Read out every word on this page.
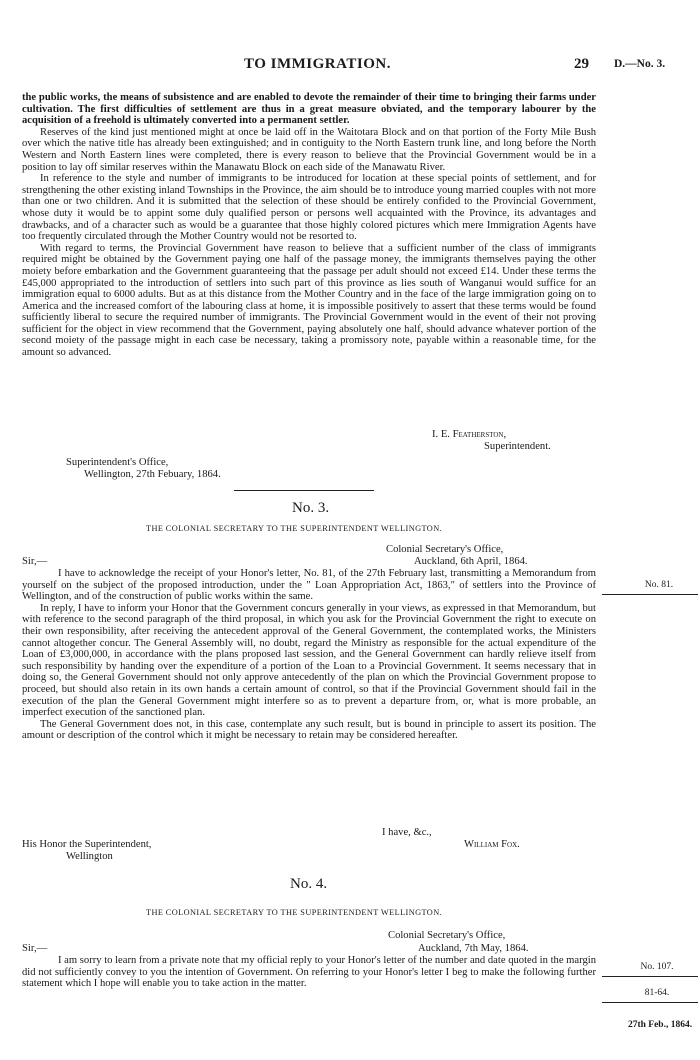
TO IMMIGRATION.	29 D.—No. 3.

the public works, the means of subsistence and are enabled to devote the remainder of their time to bringing their farms under cultivation. The first difficulties of settlement are thus in a great measure obviated, and the temporary labourer by the acquisition of a freehold is ultimately converted into a permanent settler.

Reserves of the kind just mentioned might at once be laid off in the Waitotara Block and on that portion of the Forty Mile Bush over which the native title has already been extinguished; and in contiguity to the North Eastern trunk line, and long before the North Western and North Eastern lines were completed, there is every reason to believe that the Provincial Government would be in a position to lay off similar reserves within the Manawatu Block on each side of the Manawatu River.

In reference to the style and number of immigrants to be introduced for location at these special points of settlement, and for strengthening the other existing inland Townships in the Province, the aim should be to introduce young married couples with not more than one or two children. And it is submitted that the selection of these should be entirely confided to the Provincial Government, whose duty it would be to appint some duly qualified person or persons well acquainted with the Province, its advantages and drawbacks, and of a character such as would be a guarantee that those highly colored pictures which mere Immigration Agents have too frequently circulated through the Mother Country would not be resorted to.

With regard to terms, the Provincial Government have reason to believe that a sufficient number of the class of immigrants required might be obtained by the Government paying one half of the passage money, the immigrants themselves paying the other moiety before embarkation and the Government guaranteeing that the passage per adult should not exceed £14. Under these terms the £45,000 appropriated to the introduction of settlers into such part of this province as lies south of Wanganui would suffice for an immigration equal to 6000 adults. But as at this distance from the Mother Country and in the face of the large immigration going on to America and the increased comfort of the labouring class at home, it is impossible positively to assert that these terms would be found sufficiently liberal to secure the required number of immigrants. The Provincial Government would in the event of their not proving sufficient for the object in view recommend that the Government, paying absolutely one half, should advance whatever portion of the second moiety of the passage might in each case be necessary, taking a promissory note, payable within a reasonable time, for the amount so advanced.

I. E. Featherston,
Superintendent.
Superintendent's Office,
Wellington, 27th Febuary, 1864.
No. 3.
THE COLONIAL SECRETARY TO THE SUPERINTENDENT WELLINGTON.
Colonial Secretary's Office,
Auckland, 6th April, 1864.
Sir,—

I have to acknowledge the receipt of your Honor's letter, No. 81, of the 27th February last, transmitting a Memorandum from yourself on the subject of the proposed introduction, under the " Loan Appropriation Act, 1863," of settlers into the Province of Wellington, and of the construction of public works within the same.

In reply, I have to inform your Honor that the Government concurs generally in your views, as expressed in that Memorandum, but with reference to the second paragraph of the third proposal, in which you ask for the Provincial Government the right to execute on their own responsibility, after receiving the antecedent approval of the General Government, the contemplated works, the Ministers cannot altogether concur. The General Assembly will, no doubt, regard the Ministry as responsible for the actual expenditure of the Loan of £3,000,000, in accordance with the plans proposed last session, and the General Government can hardly relieve itself from such responsibility by handing over the expenditure of a portion of the Loan to a Provincial Government. It seems necessary that in doing so, the General Government should not only approve antecedently of the plan on which the Provincial Government propose to proceed, but should also retain in its own hands a certain amount of control, so that if the Provincial Government should fail in the execution of the plan the General Government might interfere so as to prevent a departure from, or, what is more probable, an imperfect execution of the sanctioned plan.

The General Government does not, in this case, contemplate any such result, but is bound in principle to assert its position. The amount or description of the control which it might be necessary to retain may be considered hereafter.

No. 81.
I have, &c.,
William Fox.
His Honor the Superintendent,
Wellington
No. 4.
THE COLONIAL SECRETARY TO THE SUPERINTENDENT WELLINGTON.
Colonial Secretary's Office,
Auckland, 7th May, 1864.
Sir,—

I am sorry to learn from a private note that my official reply to your Honor's letter of the number and date quoted in the margin did not sufficiently convey to you the intention of Government. On referring to your Honor's letter I beg to make the following further statement which I hope will enable you to take action in the matter.

No. 107.
81-64.
27th Feb., 1864.
